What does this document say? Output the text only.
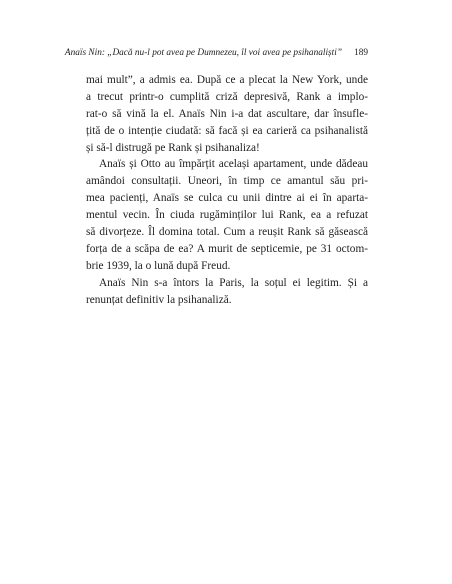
Anaïs Nin: „Dacă nu-l pot avea pe Dumnezeu, îl voi avea pe psihanaliști” 189
mai mult”, a admis ea. După ce a plecat la New York, unde
a trecut printr-o cumplită criză depresivă, Rank a implo-
rat-o să vină la el. Anaïs Nin i-a dat ascultare, dar însufle-
țită de o intenție ciudată: să facă și ea carieră ca psihanalistă
și să-l distrugă pe Rank și psihanaliza!
Anaïs și Otto au împărțit același apartament, unde dădeau
amândoi consultații. Uneori, în timp ce amantul său pri-
mea pacienți, Anaïs se culca cu unii dintre ai ei în aparta-
mentul vecin. În ciuda rugăminților lui Rank, ea a refuzat
să divorțeze. Îl domina total. Cum a reușit Rank să găsească
forța de a scăpa de ea? A murit de septicemie, pe 31 octom-
brie 1939, la o lună după Freud.
Anaïs Nin s-a întors la Paris, la soțul ei legitim. Și a
renunțat definitiv la psihanaliză.
